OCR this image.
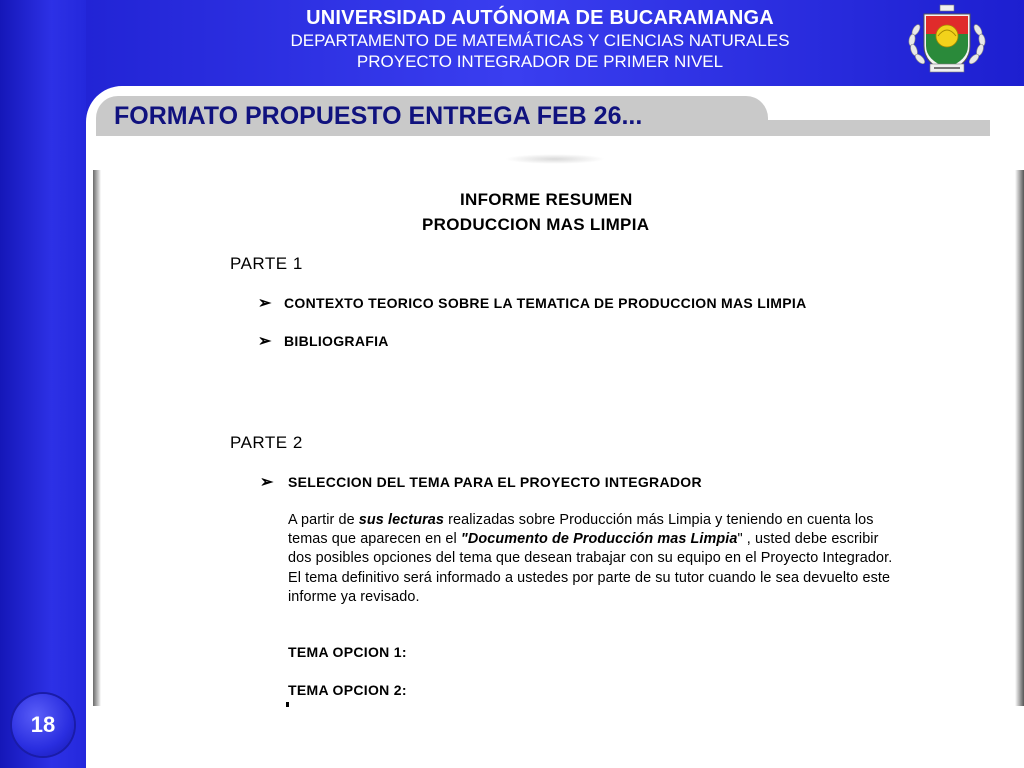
UNIVERSIDAD AUTÓNOMA DE BUCARAMANGA
DEPARTAMENTO DE MATEMÁTICAS Y CIENCIAS NATURALES
PROYECTO INTEGRADOR DE PRIMER NIVEL
FORMATO PROPUESTO ENTREGA FEB 26...
INFORME RESUMEN
PRODUCCION MAS LIMPIA
PARTE 1
➢ CONTEXTO TEORICO SOBRE LA TEMATICA DE PRODUCCION MAS LIMPIA
➢ BIBLIOGRAFIA
PARTE 2
➢ SELECCION DEL TEMA PARA EL PROYECTO INTEGRADOR
A partir de sus lecturas realizadas sobre Producción más Limpia y teniendo en cuenta los temas que aparecen en el "Documento de Producción mas Limpia" , usted debe escribir dos posibles opciones del tema que desean trabajar con su equipo en el Proyecto Integrador. El tema definitivo será informado a ustedes por parte de su tutor cuando le sea devuelto este informe ya revisado.
TEMA OPCION 1:
TEMA OPCION 2:
18
